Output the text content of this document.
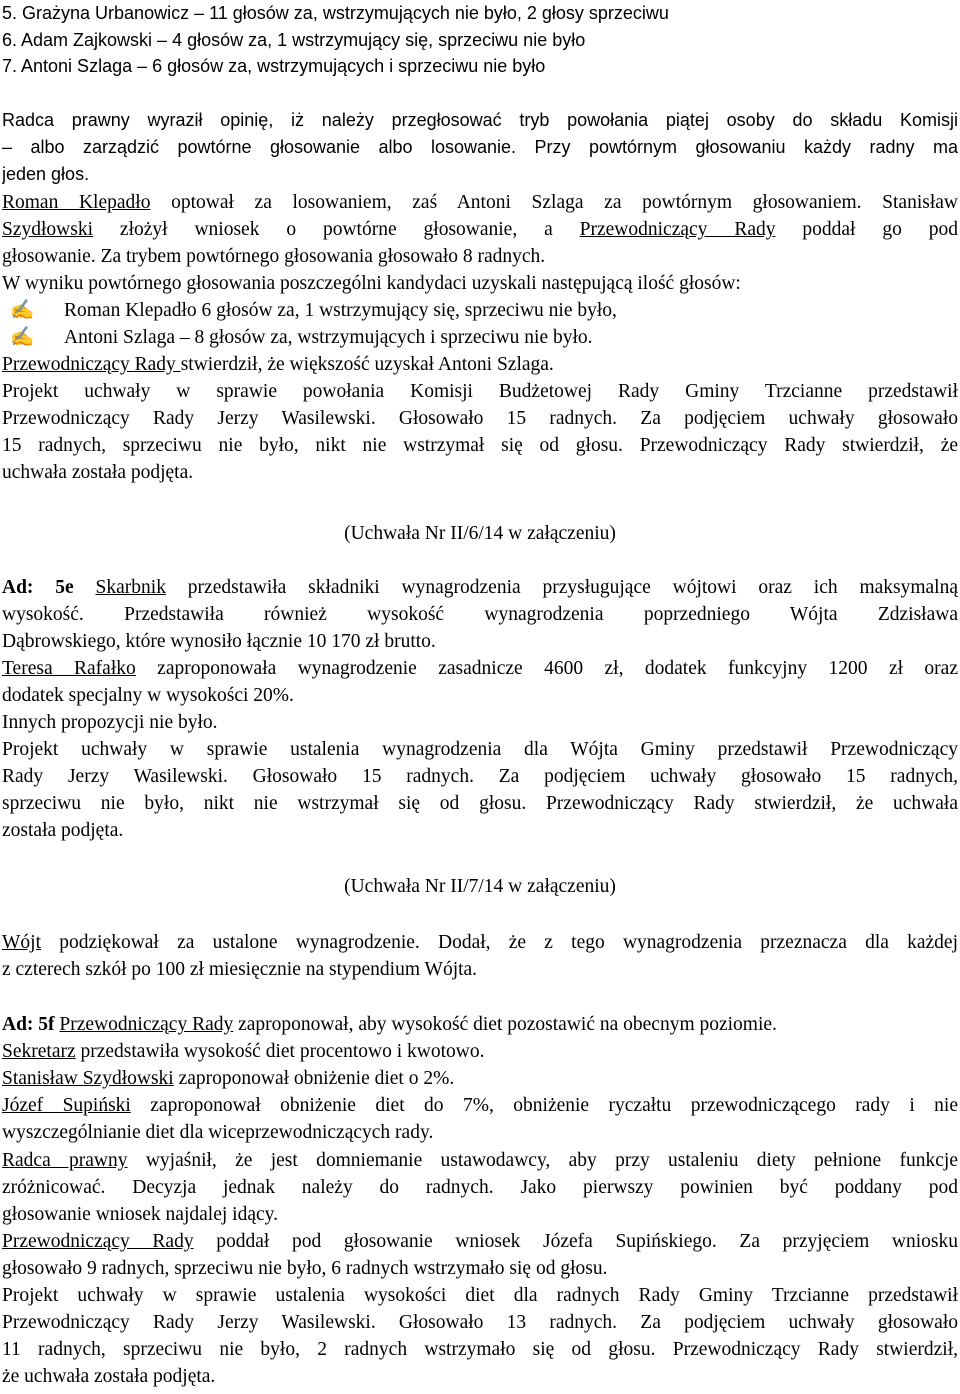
5. Grażyna Urbanowicz – 11 głosów za, wstrzymujących nie było, 2 głosy sprzeciwu
6. Adam Zajkowski – 4 głosów za, 1 wstrzymujący się, sprzeciwu nie było
7. Antoni Szlaga – 6 głosów za, wstrzymujących i sprzeciwu nie było
Radca prawny wyraził opinię, iż należy przegłosować tryb powołania piątej osoby do składu Komisji
– albo zarządzić powtórne głosowanie albo losowanie. Przy powtórnym głosowaniu każdy radny ma
jeden głos.
Roman Klepadło optował za losowaniem, zaś Antoni Szlaga za powtórnym głosowaniem. Stanisław
Szydłowski złożył wniosek o powtórne głosowanie, a Przewodniczący Rady poddał go pod
głosowanie. Za trybem powtórnego głosowania głosowało 8 radnych.
W wyniku powtórnego głosowania poszczególni kandydaci uzyskali następującą ilość głosów:
✍ Roman Klepadło 6 głosów za, 1 wstrzymujący się, sprzeciwu nie było,
✍ Antoni Szlaga – 8 głosów za, wstrzymujących i sprzeciwu nie było.
Przewodniczący Rady stwierdził, że większość uzyskał Antoni Szlaga.
Projekt uchwały w sprawie powołania Komisji Budżetowej Rady Gminy Trzcianne przedstawił
Przewodniczący Rady Jerzy Wasilewski. Głosowało 15 radnych. Za podjęciem uchwały głosowało
15 radnych, sprzeciwu nie było, nikt nie wstrzymał się od głosu. Przewodniczący Rady stwierdził, że
uchwała została podjęta.
(Uchwała Nr II/6/14 w załączeniu)
Ad: 5e Skarbnik przedstawiła składniki wynagrodzenia przysługujące wójtowi oraz ich maksymalną
wysokość. Przedstawiła również wysokość wynagrodzenia poprzedniego Wójta Zdzisława
Dąbrowskiego, które wynosiło łącznie 10 170 zł brutto.
Teresa Rafałko zaproponowała wynagrodzenie zasadnicze 4600 zł, dodatek funkcyjny 1200 zł oraz
dodatek specjalny w wysokości 20%.
Innych propozycji nie było.
Projekt uchwały w sprawie ustalenia wynagrodzenia dla Wójta Gminy przedstawił Przewodniczący
Rady Jerzy Wasilewski. Głosowało 15 radnych. Za podjęciem uchwały głosowało 15 radnych,
sprzeciwu nie było, nikt nie wstrzymał się od głosu. Przewodniczący Rady stwierdził, że uchwała
została podjęta.
(Uchwała Nr II/7/14 w załączeniu)
Wójt podziękował za ustalone wynagrodzenie. Dodał, że z tego wynagrodzenia przeznacza dla każdej
z czterech szkół po 100 zł miesięcznie na stypendium Wójta.
Ad: 5f Przewodniczący Rady zaproponował, aby wysokość diet pozostawić na obecnym poziomie.
Sekretarz przedstawiła wysokość diet procentowo i kwotowo.
Stanisław Szydłowski zaproponował obniżenie diet o 2%.
Józef Supiński zaproponował obniżenie diet do 7%, obniżenie ryczałtu przewodniczącego rady i nie
wyszczególnianie diet dla wiceprzewodniczących rady.
Radca prawny wyjaśnił, że jest domniemanie ustawodawcy, aby przy ustaleniu diety pełnione funkcje
zróżnicować. Decyzja jednak należy do radnych. Jako pierwszy powinien być poddany pod
głosowanie wniosek najdalej idący.
Przewodniczący Rady poddał pod głosowanie wniosek Józefa Supińskiego. Za przyjęciem wniosku
głosowało 9 radnych, sprzeciwu nie było, 6 radnych wstrzymało się od głosu.
Projekt uchwały w sprawie ustalenia wysokości diet dla radnych Rady Gminy Trzcianne przedstawił
Przewodniczący Rady Jerzy Wasilewski. Głosowało 13 radnych. Za podjęciem uchwały głosowało
11 radnych, sprzeciwu nie było, 2 radnych wstrzymało się od głosu. Przewodniczący Rady stwierdził,
że uchwała została podjęta.
